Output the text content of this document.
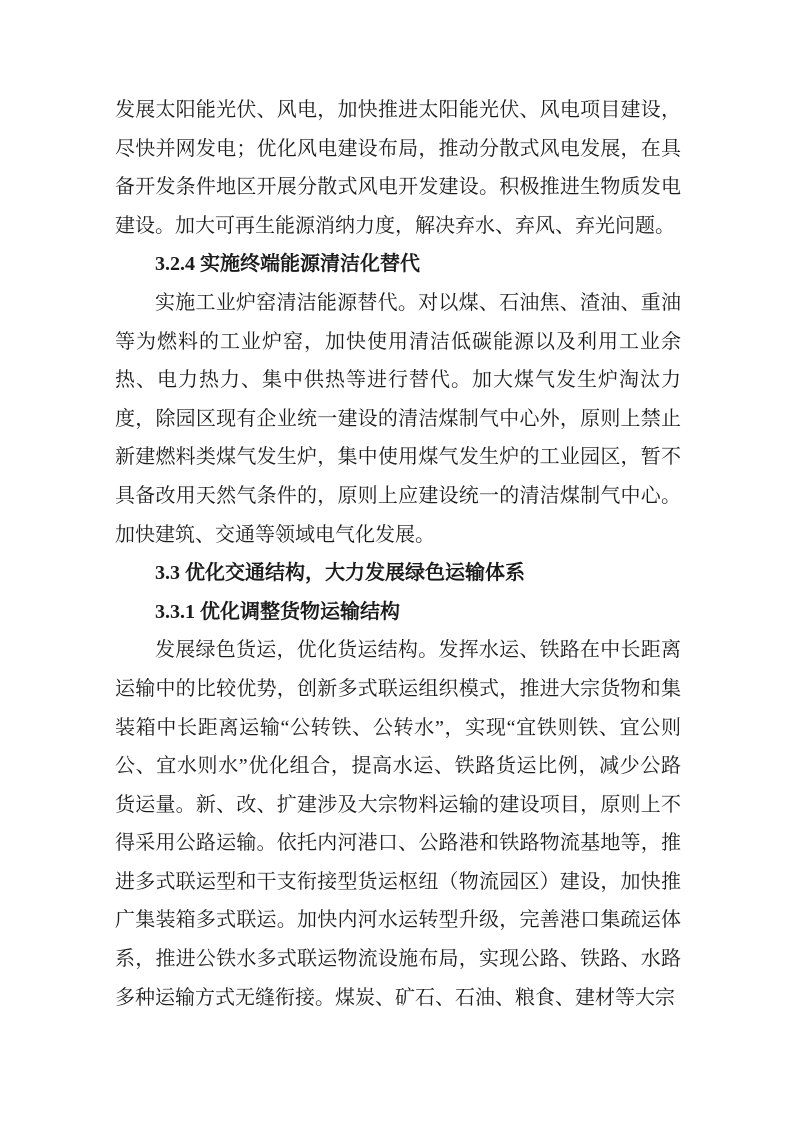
发展太阳能光伏、风电，加快推进太阳能光伏、风电项目建设，尽快并网发电；优化风电建设布局，推动分散式风电发展，在具备开发条件地区开展分散式风电开发建设。积极推进生物质发电建设。加大可再生能源消纳力度，解决弃水、弃风、弃光问题。

3.2.4 实施终端能源清洁化替代

实施工业炉窑清洁能源替代。对以煤、石油焦、渣油、重油等为燃料的工业炉窑，加快使用清洁低碳能源以及利用工业余热、电力热力、集中供热等进行替代。加大煤气发生炉淘汰力度，除园区现有企业统一建设的清洁煤制气中心外，原则上禁止新建燃料类煤气发生炉，集中使用煤气发生炉的工业园区，暂不具备改用天然气条件的，原则上应建设统一的清洁煤制气中心。加快建筑、交通等领域电气化发展。

3.3 优化交通结构，大力发展绿色运输体系
3.3.1 优化调整货物运输结构

发展绿色货运，优化货运结构。发挥水运、铁路在中长距离运输中的比较优势，创新多式联运组织模式，推进大宗货物和集装箱中长距离运输“公转铁、公转水”，实现“宜铁则铁、宜公则公、宜水则水”优化组合，提高水运、铁路货运比例，减少公路货运量。新、改、扩建涉及大宗物料运输的建设项目，原则上不得采用公路运输。依托内河港口、公路港和铁路物流基地等，推进多式联运型和干支衔接型货运枢纽（物流园区）建设，加快推广集装箱多式联运。加快内河水运转型升级，完善港口集疏运体系，推进公铁水多式联运物流设施布局，实现公路、铁路、水路多种运输方式无缝衔接。煤炭、矿石、石油、粮食、建材等大宗
